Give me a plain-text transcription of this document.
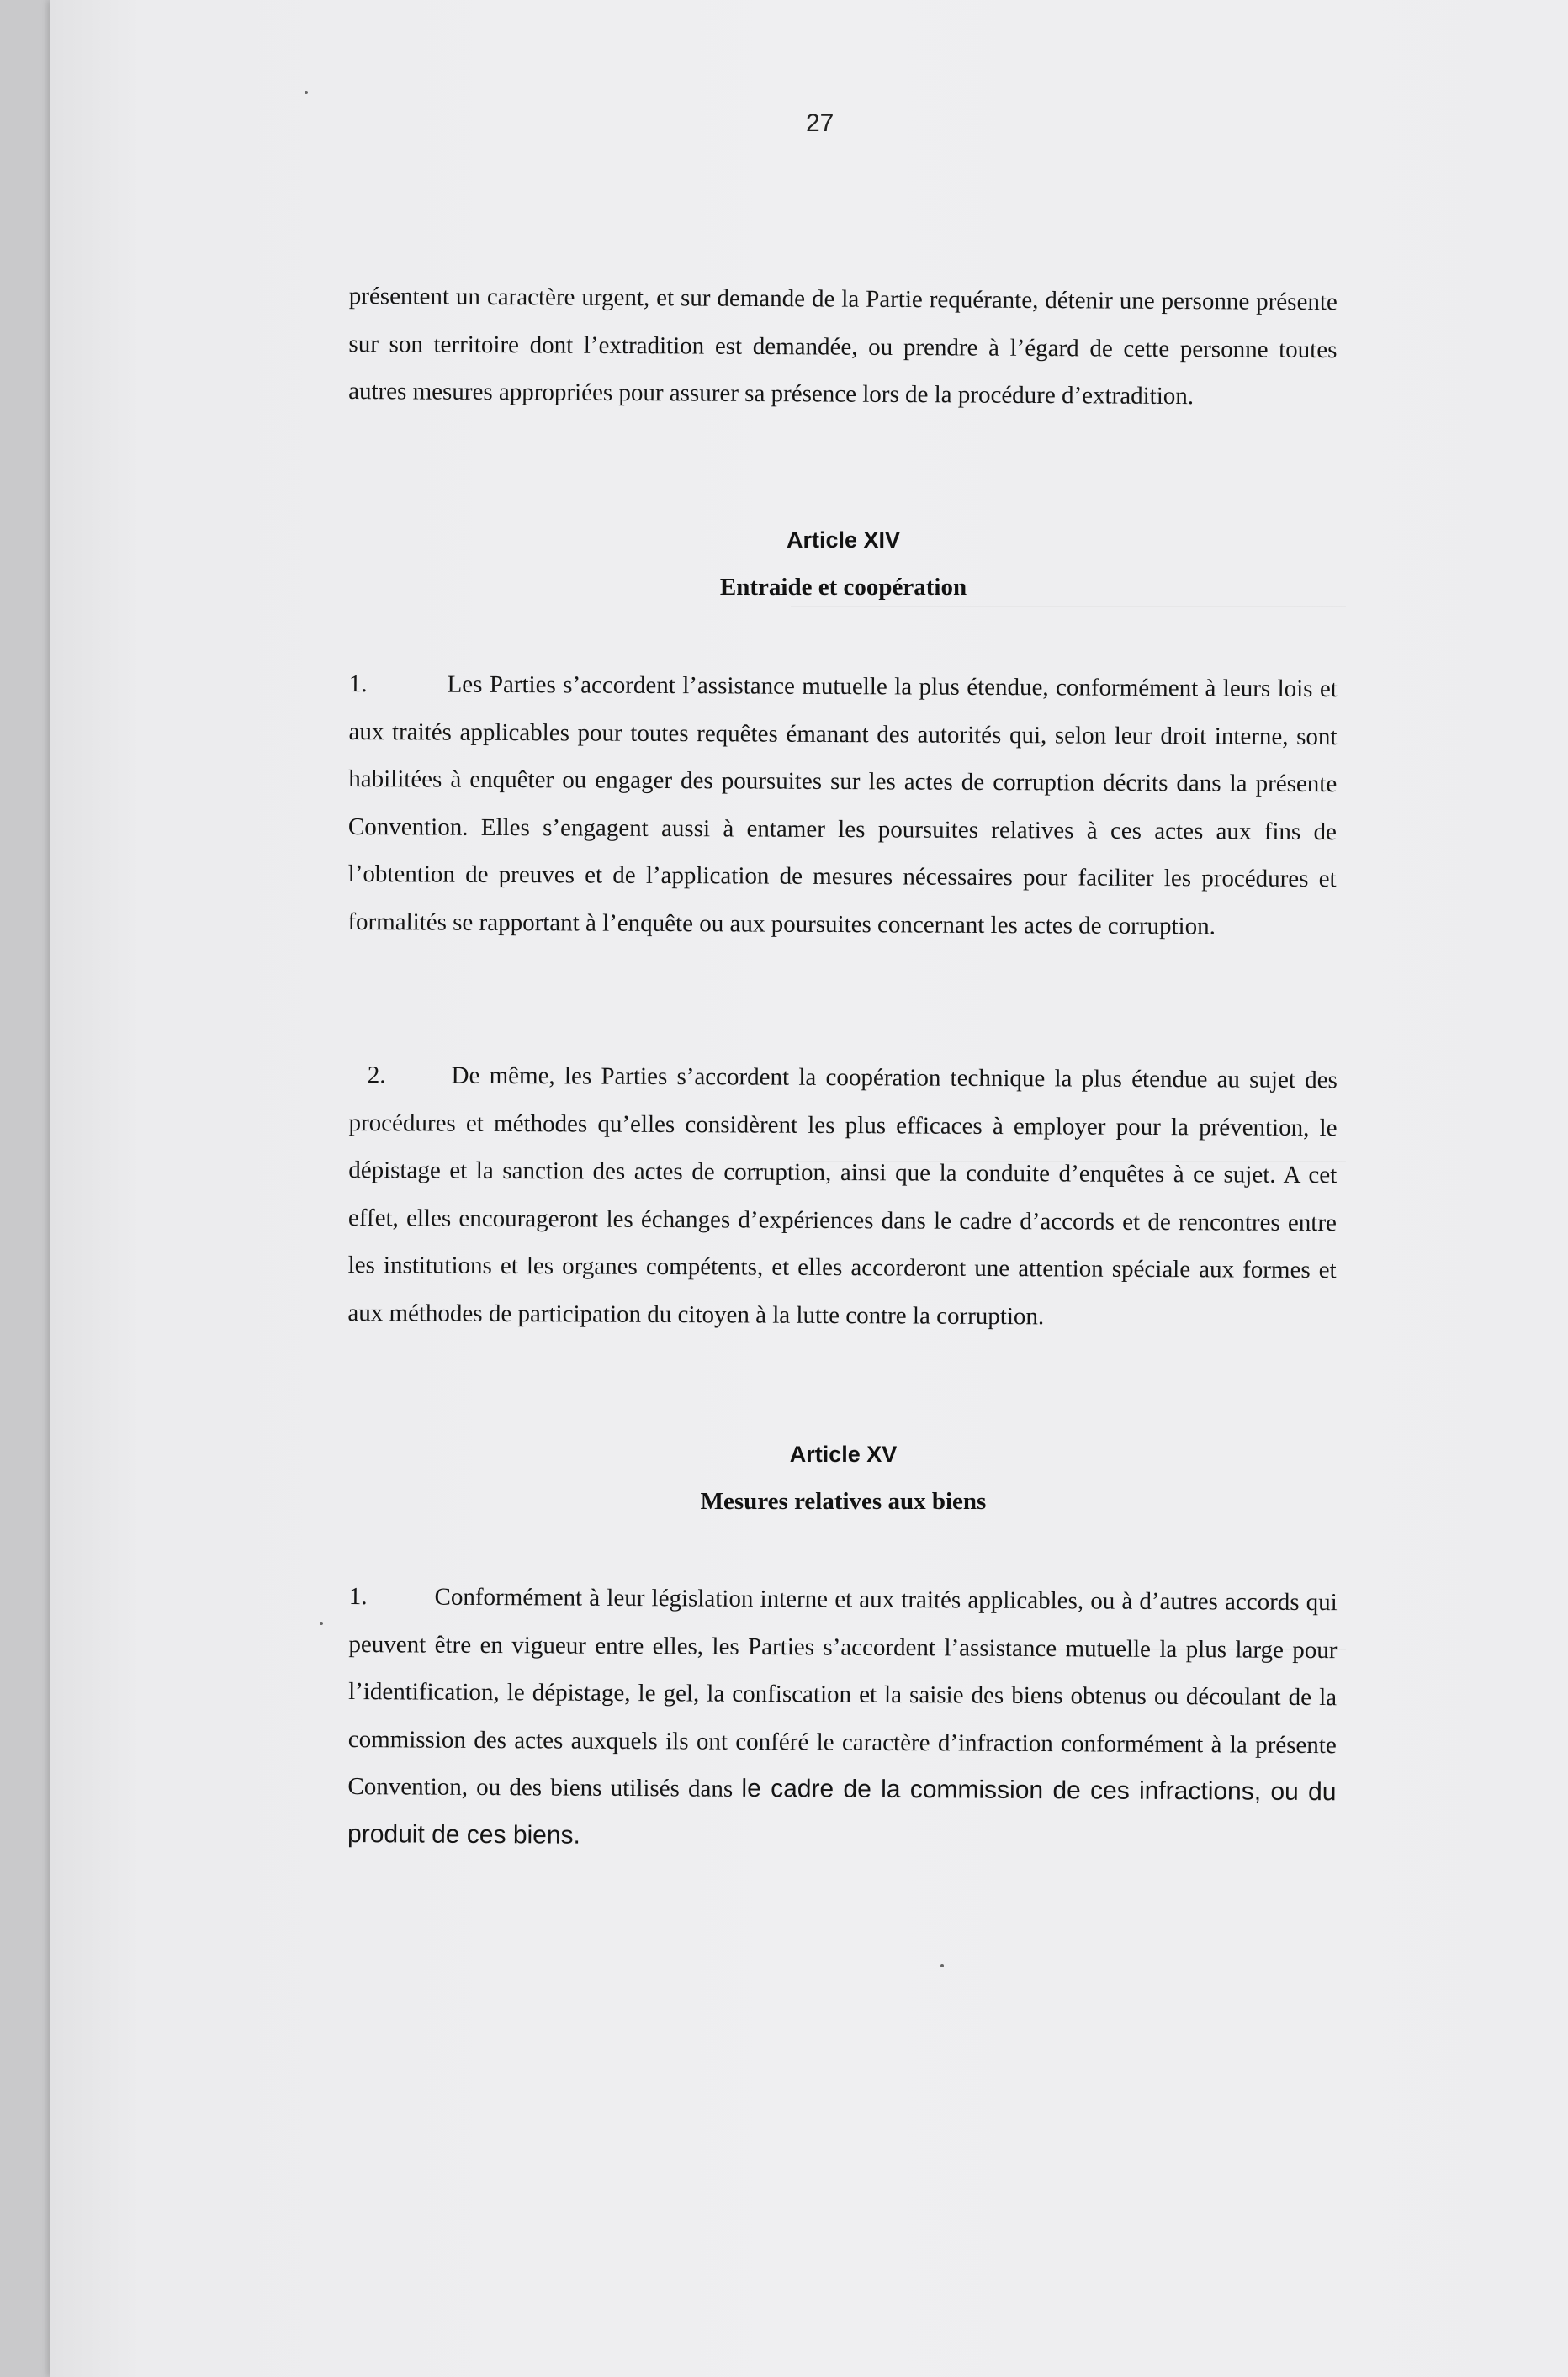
27
présentent un caractère urgent, et sur demande de la Partie requérante, détenir une personne présente sur son territoire dont l’extradition est demandée, ou prendre à l’égard de cette personne toutes autres mesures appropriées pour assurer sa présence lors de la procédure d’extradition.
Article XIV
Entraide et coopération
1.	Les Parties s’accordent l’assistance mutuelle la plus étendue, conformément à leurs lois et aux traités applicables pour toutes requêtes émanant des autorités qui, selon leur droit interne, sont habilitées à enquêter ou engager des poursuites sur les actes de corruption décrits dans la présente Convention. Elles s’engagent aussi à entamer les poursuites relatives à ces actes aux fins de l’obtention de preuves et de l’application de mesures nécessaires pour faciliter les procédures et formalités se rapportant à l’enquête ou aux poursuites concernant les actes de corruption.
2.	De même, les Parties s’accordent la coopération technique la plus étendue au sujet des procédures et méthodes qu’elles considèrent les plus efficaces à employer pour la prévention, le dépistage et la sanction des actes de corruption, ainsi que la conduite d’enquêtes à ce sujet. A cet effet, elles encourageront les échanges d’expériences dans le cadre d’accords et de rencontres entre les institutions et les organes compétents, et elles accorderont une attention spéciale aux formes et aux méthodes de participation du citoyen à la lutte contre la corruption.
Article XV
Mesures relatives aux biens
1.	Conformément à leur législation interne et aux traités applicables, ou à d’autres accords qui peuvent être en vigueur entre elles, les Parties s’accordent l’assistance mutuelle la plus large pour l’identification, le dépistage, le gel, la confiscation et la saisie des biens obtenus ou découlant de la commission des actes auxquels ils ont conféré le caractère d’infraction conformément à la présente Convention, ou des biens utilisés dans le cadre de la commission de ces infractions, ou du produit de ces biens.
